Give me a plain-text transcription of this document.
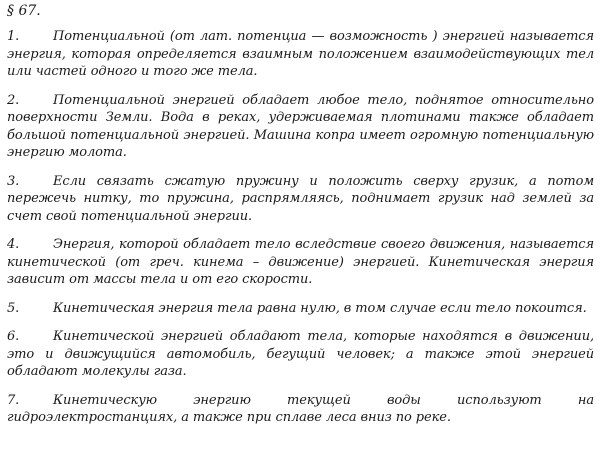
§ 67.

1.	Потенциальной (от лат. потенциа — возможность ) энергией называется энергия, которая определяется взаимным положением взаимодействующих тел или частей одного и того же тела.

2.	Потенциальной энергией обладает любое тело, поднятое относительно поверхности Земли. Вода в реках, удерживаемая плотинами также обладает большой потенциальной энергией. Машина копра имеет огромную потенциальную энергию молота.

3.	Если связать сжатую пружину и положить сверху грузик, а потом пережечь нитку, то пружина, распрямляясь, поднимает грузик над землей за счет свой потенциальной энергии.

4.	Энергия, которой обладает тело вследствие своего движения, называется кинетической (от греч. кинема – движение) энергией. Кинетическая энергия зависит от массы тела и от его скорости.

5.	Кинетическая энергия тела равна нулю, в том случае если тело покоится.

6.	Кинетической энергией обладают тела, которые находятся в движении, это и движущийся автомобиль, бегущий человек; а также этой энергией обладают молекулы газа.

7.	Кинетическую энергию текущей воды используют на гидроэлектростанциях, а также при сплаве леса вниз по реке.
